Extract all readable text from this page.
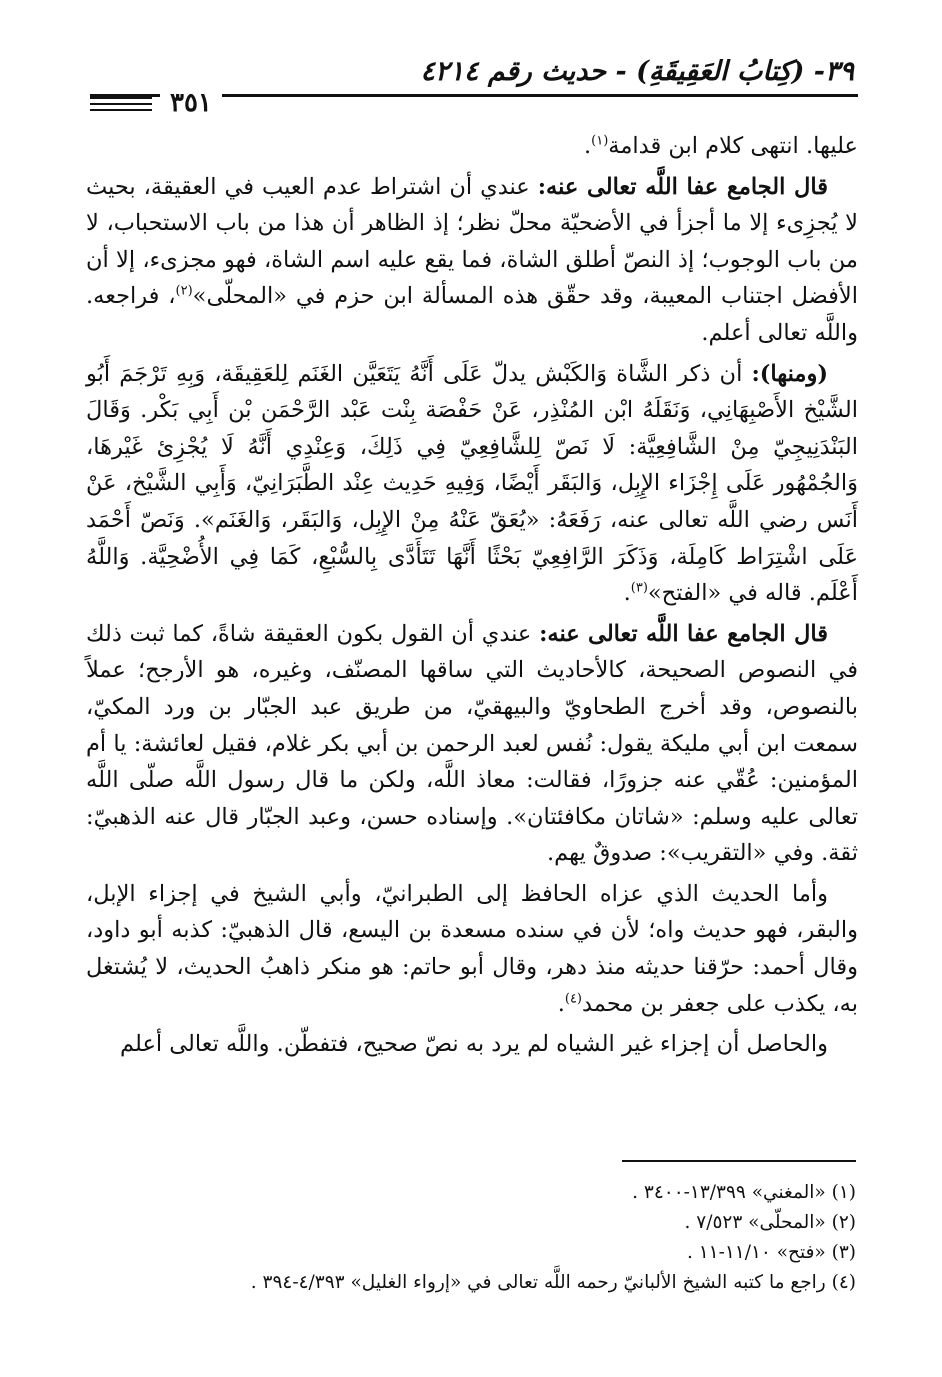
٣٩- (كِتابُ العَقِيقَةِ) - حديث رقم ٤٢١٤
٣٥١

عليها. انتهى كلام ابن قدامة$^{(١)}$.

قال الجامع عفا اللَّه تعالى عنه: عندي أن اشتراط عدم العيب في العقيقة، بحيث لا يُجزِىء إلا ما أجزأ في الأضحيّة محلّ نظر؛ إذ الظاهر أن هذا من باب الاستحباب، لا من باب الوجوب؛ إذ النصّ أطلق الشاة، فما يقع عليه اسم الشاة، فهو مجزىء، إلا أن الأفضل اجتناب المعيبة، وقد حقّق هذه المسألة ابن حزم في «المحلّى»$^{(٢)}$، فراجعه. واللَّه تعالى أعلم.

(ومنها): أن ذكر الشَّاة وَالكَبْش يدلّ عَلَى أَنَّهُ يَتَعَيَّن الغَنَم لِلعَقِيقَة، وَبِهِ تَرْجَمَ أَبُو الشَّيْخ الأَصْبِهَانِي، وَنَقَلَهُ ابْن المُنْذِر، عَنْ حَفْصَة بِنْت عَبْد الرَّحْمَن بْن أَبِي بَكْر. وَقَالَ البَنْدَنِيجِيّ مِنْ الشَّافِعِيَّة: لَا نَصّ لِلشَّافِعِيّ فِي ذَلِكَ، وَعِنْدِي أَنَّهُ لَا يُجْزِئ غَيْرهَا، وَالجُمْهُور عَلَى إِجْزَاء الإِبِل، وَالبَقَر أَيْضًا، وَفِيهِ حَدِيث عِنْد الطَّبَرَانِيّ، وَأَبِي الشَّيْخ، عَنْ أَنَس رضي اللَّه تعالى عنه، رَفَعَهُ: «يُعَقّ عَنْهُ مِنْ الإِبِل، وَالبَقَر، وَالغَنَم». وَنَصّ أَحْمَد عَلَى اشْتِرَاط كَامِلَة، وَذَكَرَ الرَّافِعِيّ بَحْثًا أَنَّهَا تَتَأَدَّى بِالسُّبْعِ، كَمَا فِي الأُضْحِيَّة. وَاللَّهُ أَعْلَم. قاله في «الفتح»$^{(٣)}$.

قال الجامع عفا اللَّه تعالى عنه: عندي أن القول بكون العقيقة شاةً، كما ثبت ذلك في النصوص الصحيحة، كالأحاديث التي ساقها المصنّف، وغيره، هو الأرجح؛ عملاً بالنصوص، وقد أخرج الطحاويّ والبيهقيّ، من طريق عبد الجبّار بن ورد المكيّ، سمعت ابن أبي مليكة يقول: نُفس لعبد الرحمن بن أبي بكر غلام، فقيل لعائشة: يا أم المؤمنين: عُقّي عنه جزورًا، فقالت: معاذ اللَّه، ولكن ما قال رسول اللَّه صلّى اللَّه تعالى عليه وسلم: «شاتان مكافئتان». وإسناده حسن، وعبد الجبّار قال عنه الذهبيّ: ثقة. وفي «التقريب»: صدوقٌ يهم.

وأما الحديث الذي عزاه الحافظ إلى الطبرانيّ، وأبي الشيخ في إجزاء الإبل، والبقر، فهو حديث واه؛ لأن في سنده مسعدة بن اليسع، قال الذهبيّ: كذبه أبو داود، وقال أحمد: حرّقنا حديثه منذ دهر، وقال أبو حاتم: هو منكر ذاهبُ الحديث، لا يُشتغل به، يكذب على جعفر بن محمد$^{(٤)}$.

والحاصل أن إجزاء غير الشياه لم يرد به نصّ صحيح، فتفطّن. واللَّه تعالى أعلم

(١) «المغني» ١٣/٣٩٩-٣٤٠٠ .
(٢) «المحلّى» ٧/٥٢٣ .
(٣) «فتح» ١١/١٠-١١ .
(٤) راجع ما كتبه الشيخ الألبانيّ رحمه اللَّه تعالى في «إرواء الغليل» ٤/٣٩٣-٣٩٤ .
